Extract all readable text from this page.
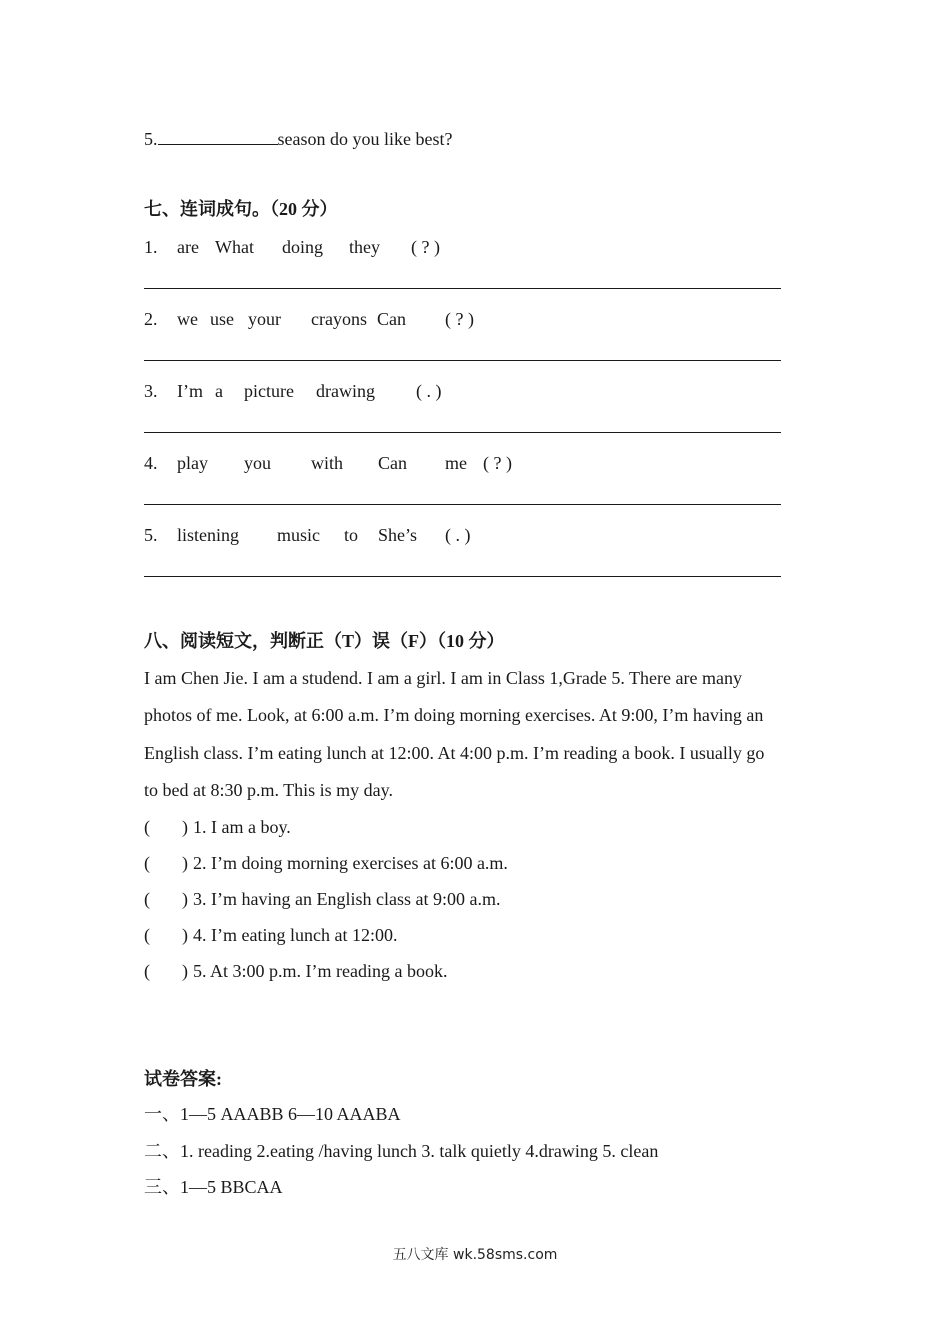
5.	season do you like best?
七、连词成句。（20 分）
1. are What doing they ( ? )
2. we use your crayons Can ( ? )
3. I’m a picture drawing ( . )
4. play you with Can me ( ? )
5. listening music to She’s ( . )
八、阅读短文，判断正（T）误（F）（10 分）
I am Chen Jie. I am a studend. I am a girl. I am in Class 1,Grade 5. There are many
photos of me. Look, at 6:00 a.m. I’m doing morning exercises. At 9:00, I’m having an
English class. I’m eating lunch at 12:00. At 4:00 p.m. I’m reading a book. I usually go
to bed at 8:30 p.m. This is my day.
( ) 1. I am a boy.
( ) 2. I’m doing morning exercises at 6:00 a.m.
( ) 3. I’m having an English class at 9:00 a.m.
( ) 4. I’m eating lunch at 12:00.
( ) 5. At 3:00 p.m. I’m reading a book.
试卷答案:
一、1—5 AAABB 6—10 AAABA
二、1. reading 2.eating /having lunch 3. talk quietly 4.drawing 5. clean
三、1—5 BBCAA
五八文库 wk.58sms.com
